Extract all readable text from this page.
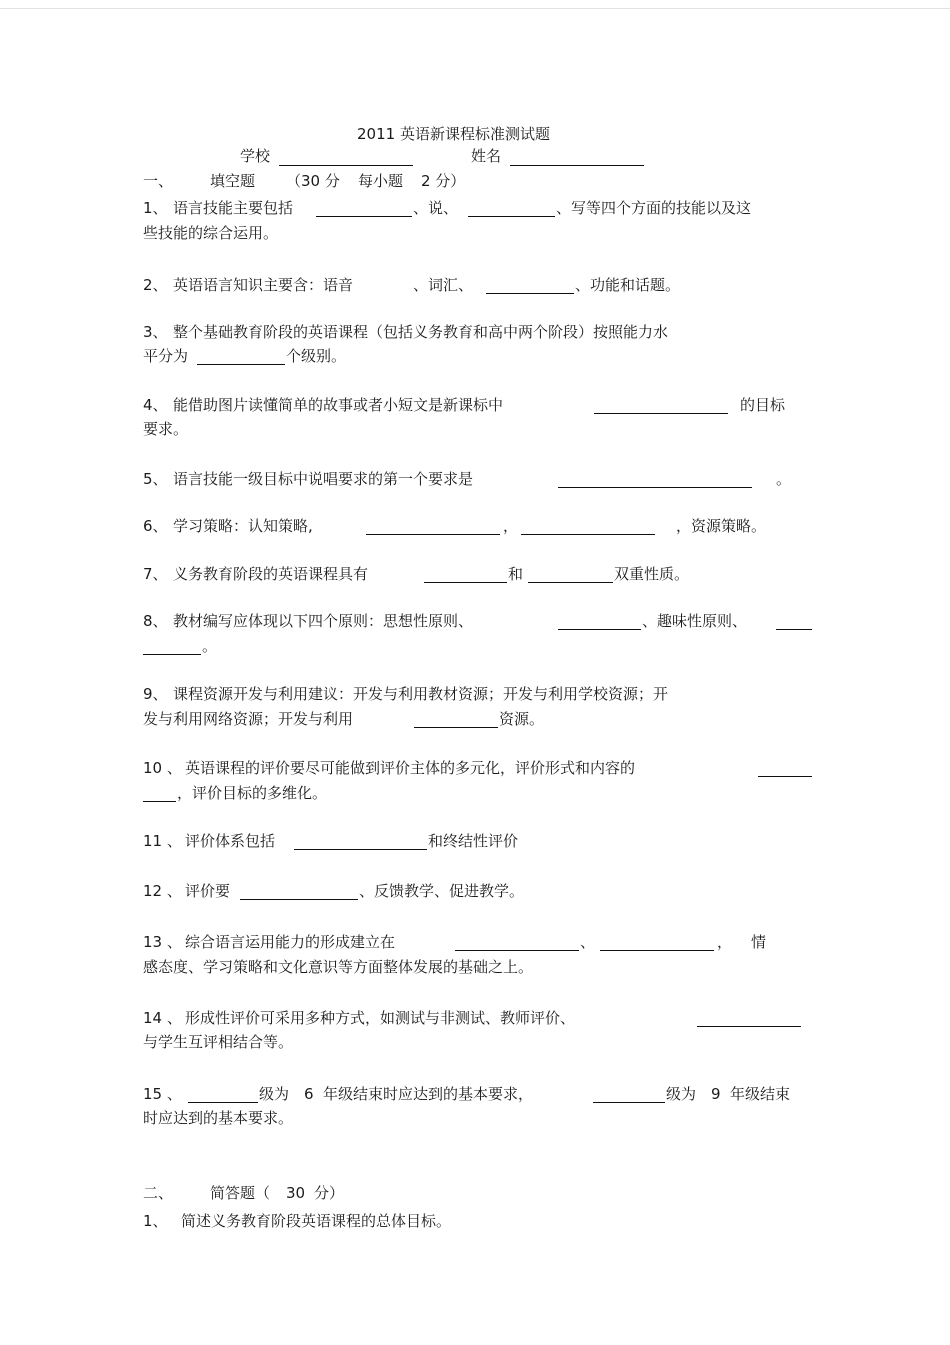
2011 英语新课程标准测试题
学校	姓名
一、 填空题 （30 分 每小题 2 分）
1、 语言技能主要包括	、说、	、写等四个方面的技能以及这
些技能的综合运用。
2、 英语语言知识主要含：语音	、词汇、	、功能和话题。
3、 整个基础教育阶段的英语课程（包括义务教育和高中两个阶段）按照能力水
平分为	个级别。
4、 能借助图片读懂简单的故事或者小短文是新课标中	的目标
要求。
5、 语言技能一级目标中说唱要求的第一个要求是	。
6、 学习策略：认知策略,	，	，资源策略。
7、 义务教育阶段的英语课程具有	和	双重性质。
8、 教材编写应体现以下四个原则：思想性原则、	、趣味性原则、
。
9、 课程资源开发与利用建议：开发与利用教材资源；开发与利用学校资源；开
发与利用网络资源；开发与利用	资源。
10 、 英语课程的评价要尽可能做到评价主体的多元化，评价形式和内容的
，评价目标的多维化。
11 、 评价体系包括	和终结性评价
12 、 评价要	、反馈教学、促进教学。
13 、 综合语言运用能力的形成建立在	、	， 情
感态度、学习策略和文化意识等方面整体发展的基础之上。
14 、 形成性评价可采用多种方式，如测试与非测试、教师评价、
与学生互评相结合等。
15 、	级为 6 年级结束时应达到的基本要求，	级为 9 年级结束
时应达到的基本要求。
二、 简答题（ 30 分）
1、 简述义务教育阶段英语课程的总体目标。
